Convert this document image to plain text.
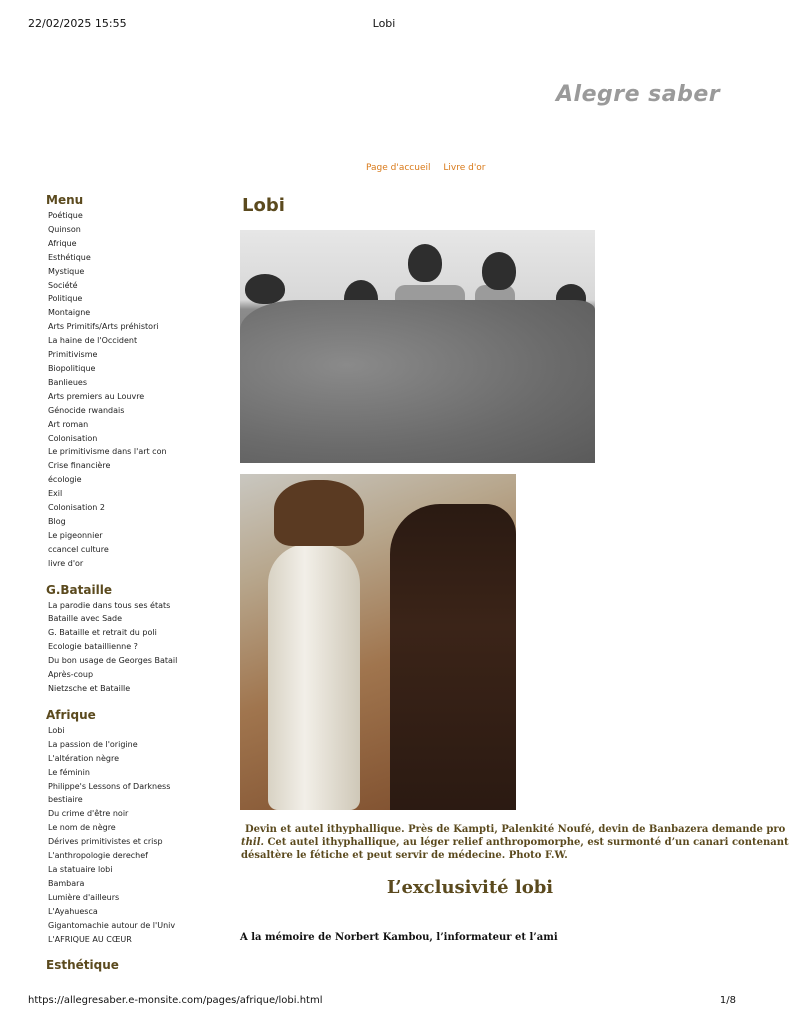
22/02/2025 15:55	Lobi
Alegre saber
Page d'accueil Livre d'or
Menu
Poétique
Quinson
Afrique
Esthétique
Mystique
Société
Politique
Montaigne
Arts Primitifs/Arts préhistori
La haine de l'Occident
Primitivisme
Biopolitique
Banlieues
Arts premiers au Louvre
Génocide rwandais
Art roman
Colonisation
Le primitivisme dans l'art con
Crise financière
écologie
Exil
Colonisation 2
Blog
Le pigeonnier
ccancel culture
livre d'or
G.Bataille
La parodie dans tous ses états
Bataille avec Sade
G. Bataille et retrait du poli
Ecologie bataillienne ?
Du bon usage de Georges Batail
Après-coup
Nietzsche et Bataille
Afrique
Lobi
La passion de l'origine
L'altération nègre
Le féminin
Philippe's Lessons of Darkness
bestiaire
Du crime d'être noir
Le nom de nègre
Dérives primitivistes et crisp
L'anthropologie derechef
La statuaire lobi
Bambara
Lumière d'ailleurs
L'Ayahuesca
Gigantomachie autour de l'Univ
L'AFRIQUE AU CŒUR
Esthétique
Lobi

Devin et autel ithyphallique. Près de Kampti, Palenkité Noufé, devin de Banbazera demande pro

thil. Cet autel ithyphallique, au léger relief anthropomorphe, est surmonté d’un canari contenant

désaltère le fétiche et peut servir de médecine. Photo F.W.

L’exclusivité lobi

A la mémoire de Norbert Kambou, l’informateur et l’ami

https://allegresaber.e-monsite.com/pages/afrique/lobi.html	1/8
